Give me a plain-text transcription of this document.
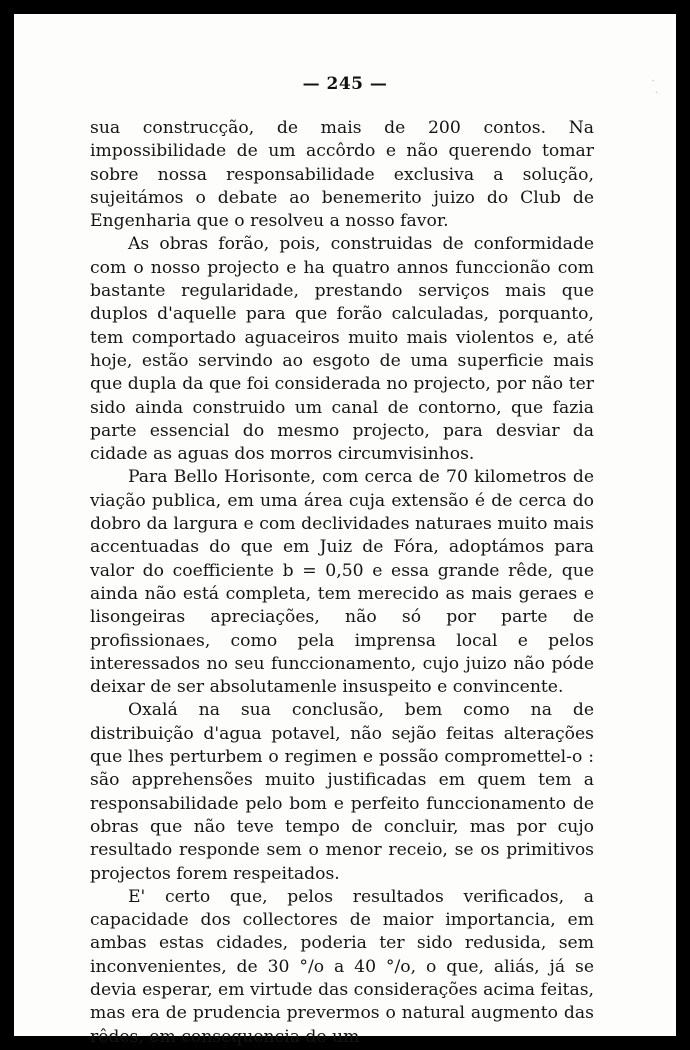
— 245 —	·
·

sua construcção, de mais de 200 contos. Na impossibilidade de um accôrdo e não querendo tomar sobre nossa responsabilidade exclusiva a solução, sujeitámos o debate ao benemerito juizo do Club de Engenharia que o resolveu a nosso favor.

As obras forão, pois, construidas de conformidade com o nosso projecto e ha quatro annos funccionão com bastante regularidade, prestando serviços mais que duplos d'aquelle para que forão calculadas, porquanto, tem comportado aguaceiros muito mais violentos e, até hoje, estão servindo ao esgoto de uma superficie mais que dupla da que foi considerada no projecto, por não ter sido ainda construido um canal de contorno, que fazia parte essencial do mesmo projecto, para desviar da cidade as aguas dos morros circumvisinhos.

Para Bello Horisonte, com cerca de 70 kilometros de viação publica, em uma área cuja extensão é de cerca do dobro da largura e com declividades naturaes muito mais accentuadas do que em Juiz de Fóra, adoptámos para valor do coefficiente b = 0,50 e essa grande rêde, que ainda não está completa, tem merecido as mais geraes e lisongeiras apreciações, não só por parte de profissionaes, como pela imprensa local e pelos interessados no seu funccionamento, cujo juizo não póde deixar de ser absolutamenle insuspeito e convincente.

Oxalá na sua conclusão, bem como na de distribuição d'agua potavel, não sejão feitas alterações que lhes perturbem o regimen e possão compromettel-o : são apprehensões muito justificadas em quem tem a responsabilidade pelo bom e perfeito funccionamento de obras que não teve tempo de concluir, mas por cujo resultado responde sem o menor receio, se os primitivos projectos forem respeitados.

E' certo que, pelos resultados verificados, a capacidade dos collectores de maior importancia, em ambas estas cidades, poderia ter sido redusida, sem inconvenientes, de 30 °/o a 40 °/o, o que, aliás, já se devia esperar, em virtude das considerações acima feitas, mas era de prudencia prevermos o natural augmento das rêdes, em consequencia de um
